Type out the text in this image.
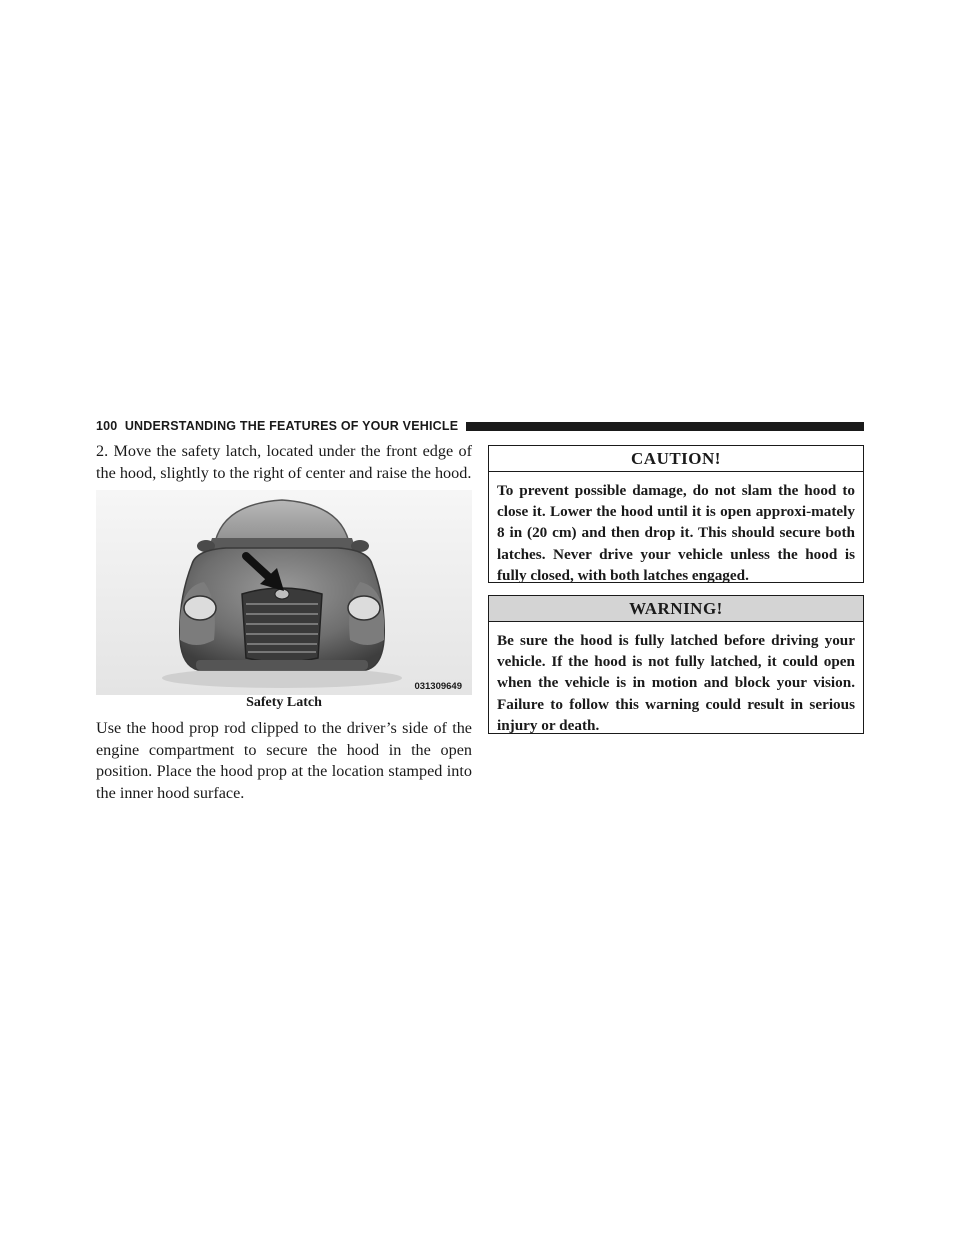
100 UNDERSTANDING THE FEATURES OF YOUR VEHICLE

2. Move the safety latch, located under the front edge of the hood, slightly to the right of center and raise the hood.

031309649
Safety Latch

Use the hood prop rod clipped to the driver’s side of the engine compartment to secure the hood in the open position. Place the hood prop at the location stamped into the inner hood surface.

CAUTION!
To prevent possible damage, do not slam the hood to close it. Lower the hood until it is open approxi-mately 8 in (20 cm) and then drop it. This should secure both latches. Never drive your vehicle unless the hood is fully closed, with both latches engaged.
WARNING!
Be sure the hood is fully latched before driving your vehicle. If the hood is not fully latched, it could open when the vehicle is in motion and block your vision. Failure to follow this warning could result in serious injury or death.
